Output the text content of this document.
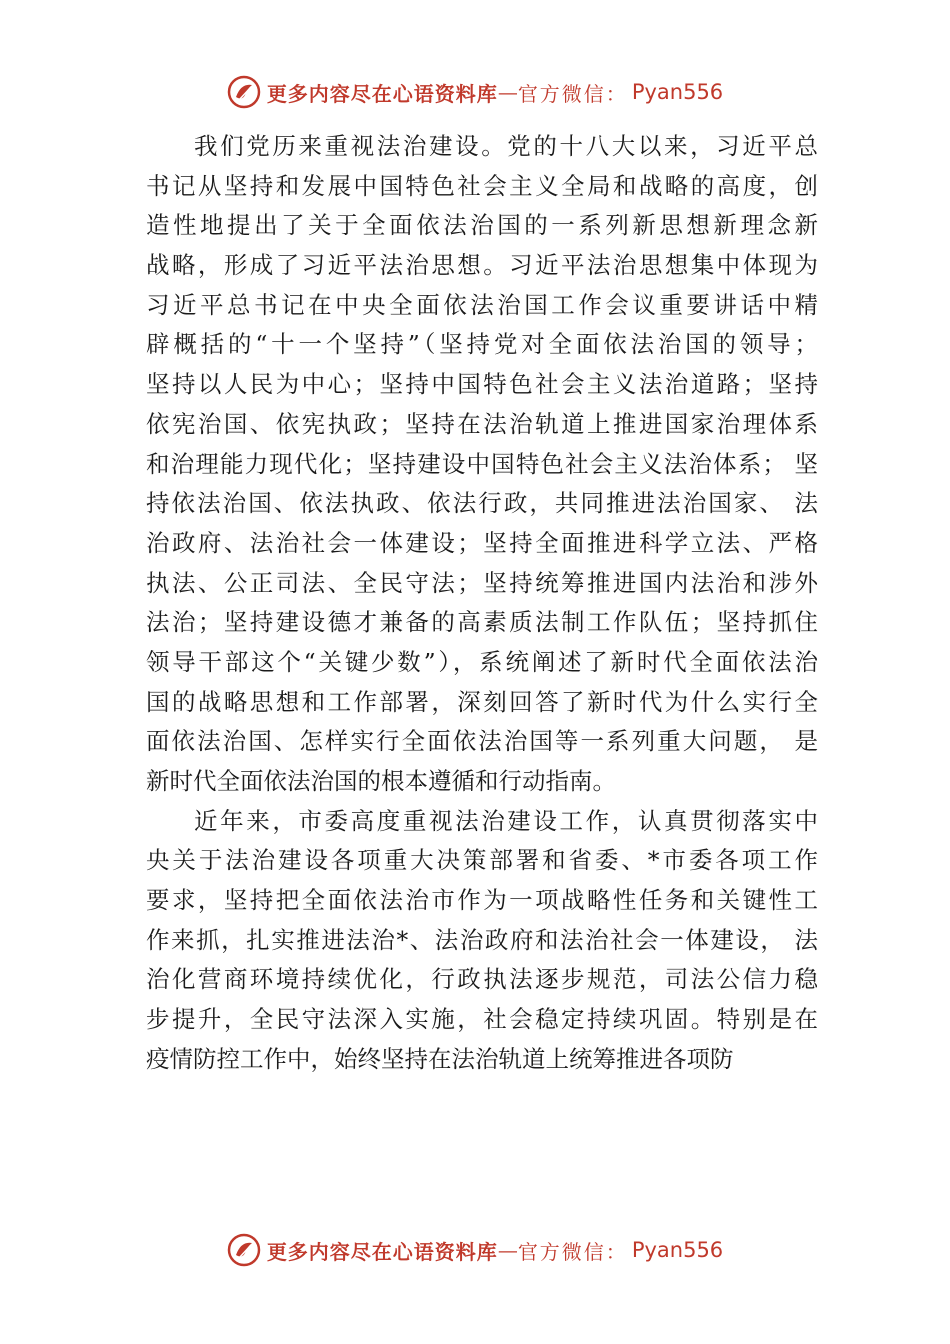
更多内容尽在心语资料库 — 官方微信： Pyan556
我们党历来重视法治建设。党的十八大以来，习近平总
书记从坚持和发展中国特色社会主义全局和战略的高度，创
造性地提出了关于全面依法治国的一系列新思想新理念新
战略，形成了习近平法治思想。习近平法治思想集中体现为
习近平总书记在中央全面依法治国工作会议重要讲话中精
辟概括的“十一个坚持”（坚持党对全面依法治国的领导；
坚持以人民为中心；坚持中国特色社会主义法治道路；坚持
依宪治国、依宪执政；坚持在法治轨道上推进国家治理体系
和治理能力现代化；坚持建设中国特色社会主义法治体系； 坚
持依法治国、依法执政、依法行政，共同推进法治国家、 法
治政府、法治社会一体建设；坚持全面推进科学立法、严格
执法、公正司法、全民守法；坚持统筹推进国内法治和涉外
法治；坚持建设德才兼备的高素质法制工作队伍；坚持抓住
领导干部这个“关键少数”），系统阐述了新时代全面依法治
国的战略思想和工作部署，深刻回答了新时代为什么实行全
面依法治国、怎样实行全面依法治国等一系列重大问题， 是
新时代全面依法治国的根本遵循和行动指南。
近年来，市委高度重视法治建设工作，认真贯彻落实中
央关于法治建设各项重大决策部署和省委、*市委各项工作
要求，坚持把全面依法治市作为一项战略性任务和关键性工
作来抓，扎实推进法治*、法治政府和法治社会一体建设， 法
治化营商环境持续优化，行政执法逐步规范，司法公信力稳
步提升，全民守法深入实施，社会稳定持续巩固。特别是在
疫情防控工作中，始终坚持在法治轨道上统筹推进各项防
更多内容尽在心语资料库 — 官方微信： Pyan556
